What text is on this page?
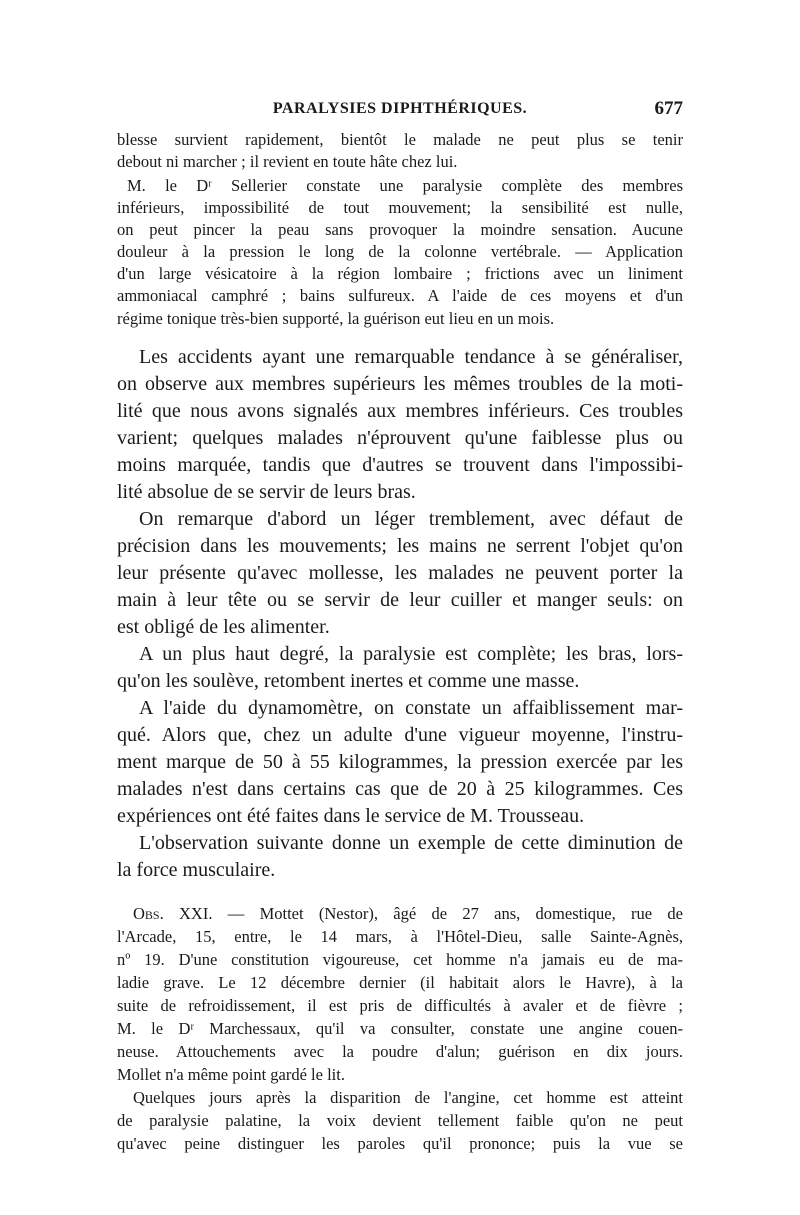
PARALYSIES DIPHTHÉRIQUES.	677
blesse survient rapidement, bientôt le malade ne peut plus se tenir
debout ni marcher ; il revient en toute hâte chez lui.
M. le Dʳ Sellerier constate une paralysie complète des membres
inférieurs, impossibilité de tout mouvement; la sensibilité est nulle,
on peut pincer la peau sans provoquer la moindre sensation. Aucune
douleur à la pression le long de la colonne vertébrale. — Application
d'un large vésicatoire à la région lombaire ; frictions avec un liniment
ammoniacal camphré ; bains sulfureux. A l'aide de ces moyens et d'un
régime tonique très-bien supporté, la guérison eut lieu en un mois.
Les accidents ayant une remarquable tendance à se généraliser,
on observe aux membres supérieurs les mêmes troubles de la moti-
lité que nous avons signalés aux membres inférieurs. Ces troubles
varient; quelques malades n'éprouvent qu'une faiblesse plus ou
moins marquée, tandis que d'autres se trouvent dans l'impossibi-
lité absolue de se servir de leurs bras.
On remarque d'abord un léger tremblement, avec défaut de
précision dans les mouvements; les mains ne serrent l'objet qu'on
leur présente qu'avec mollesse, les malades ne peuvent porter la
main à leur tête ou se servir de leur cuiller et manger seuls: on
est obligé de les alimenter.
A un plus haut degré, la paralysie est complète; les bras, lors-
qu'on les soulève, retombent inertes et comme une masse.
A l'aide du dynamomètre, on constate un affaiblissement mar-
qué. Alors que, chez un adulte d'une vigueur moyenne, l'instru-
ment marque de 50 à 55 kilogrammes, la pression exercée par les
malades n'est dans certains cas que de 20 à 25 kilogrammes. Ces
expériences ont été faites dans le service de M. Trousseau.
L'observation suivante donne un exemple de cette diminution de
la force musculaire.
Obs. XXI. — Mottet (Nestor), âgé de 27 ans, domestique, rue de
l'Arcade, 15, entre, le 14 mars, à l'Hôtel-Dieu, salle Sainte-Agnès,
nº 19. D'une constitution vigoureuse, cet homme n'a jamais eu de ma-
ladie grave. Le 12 décembre dernier (il habitait alors le Havre), à la
suite de refroidissement, il est pris de difficultés à avaler et de fièvre ;
M. le Dʳ Marchessaux, qu'il va consulter, constate une angine couen-
neuse. Attouchements avec la poudre d'alun; guérison en dix jours.
Mollet n'a même point gardé le lit.
Quelques jours après la disparition de l'angine, cet homme est atteint
de paralysie palatine, la voix devient tellement faible qu'on ne peut
qu'avec peine distinguer les paroles qu'il prononce; puis la vue se
